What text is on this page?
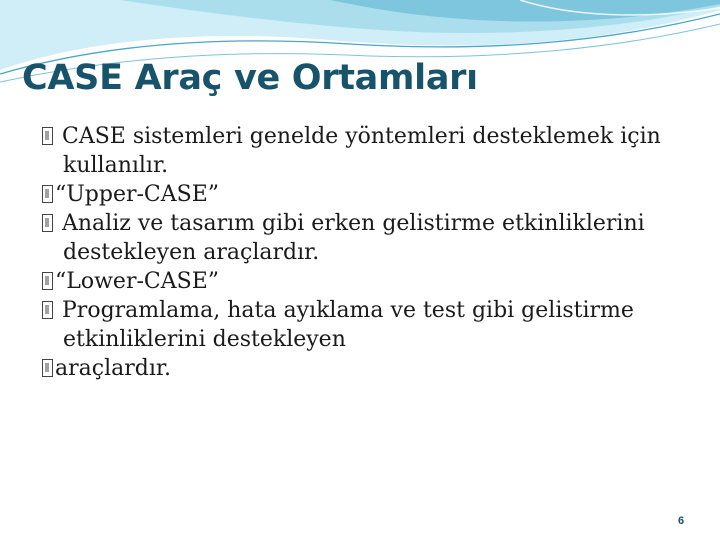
CASE Araç ve Ortamları
CASE sistemleri genelde yöntemleri desteklemek için
kullanılır.
“Upper-CASE”
Analiz ve tasarım gibi erken gelistirme etkinliklerini
destekleyen araçlardır.
“Lower-CASE”
Programlama, hata ayıklama ve test gibi gelistirme
etkinliklerini destekleyen
araçlardır.
6
